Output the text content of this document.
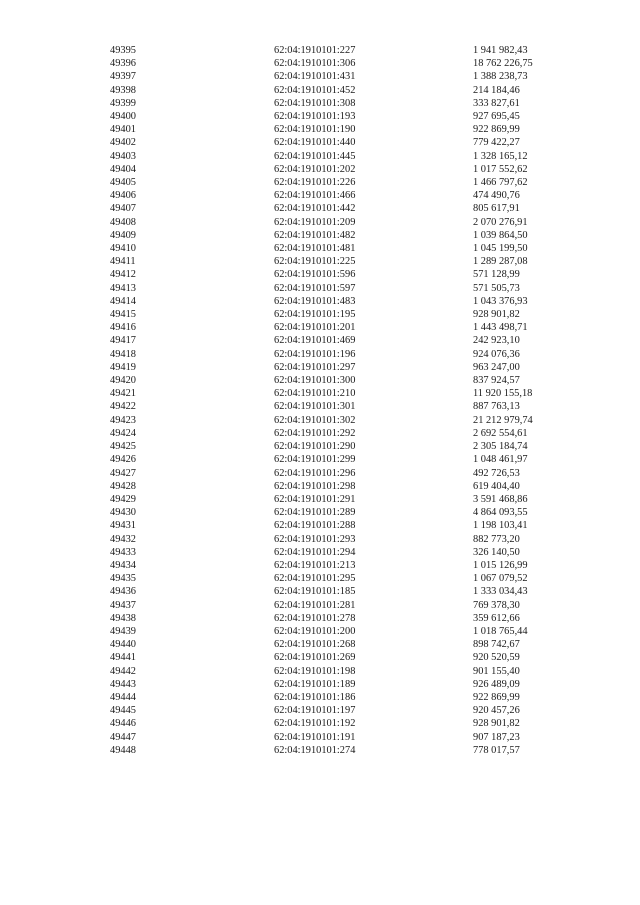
49395	62:04:1910101:227	1 941 982,43
49396	62:04:1910101:306	18 762 226,75
49397	62:04:1910101:431	1 388 238,73
49398	62:04:1910101:452	214 184,46
49399	62:04:1910101:308	333 827,61
49400	62:04:1910101:193	927 695,45
49401	62:04:1910101:190	922 869,99
49402	62:04:1910101:440	779 422,27
49403	62:04:1910101:445	1 328 165,12
49404	62:04:1910101:202	1 017 552,62
49405	62:04:1910101:226	1 466 797,62
49406	62:04:1910101:466	474 490,76
49407	62:04:1910101:442	805 617,91
49408	62:04:1910101:209	2 070 276,91
49409	62:04:1910101:482	1 039 864,50
49410	62:04:1910101:481	1 045 199,50
49411	62:04:1910101:225	1 289 287,08
49412	62:04:1910101:596	571 128,99
49413	62:04:1910101:597	571 505,73
49414	62:04:1910101:483	1 043 376,93
49415	62:04:1910101:195	928 901,82
49416	62:04:1910101:201	1 443 498,71
49417	62:04:1910101:469	242 923,10
49418	62:04:1910101:196	924 076,36
49419	62:04:1910101:297	963 247,00
49420	62:04:1910101:300	837 924,57
49421	62:04:1910101:210	11 920 155,18
49422	62:04:1910101:301	887 763,13
49423	62:04:1910101:302	21 212 979,74
49424	62:04:1910101:292	2 692 554,61
49425	62:04:1910101:290	2 305 184,74
49426	62:04:1910101:299	1 048 461,97
49427	62:04:1910101:296	492 726,53
49428	62:04:1910101:298	619 404,40
49429	62:04:1910101:291	3 591 468,86
49430	62:04:1910101:289	4 864 093,55
49431	62:04:1910101:288	1 198 103,41
49432	62:04:1910101:293	882 773,20
49433	62:04:1910101:294	326 140,50
49434	62:04:1910101:213	1 015 126,99
49435	62:04:1910101:295	1 067 079,52
49436	62:04:1910101:185	1 333 034,43
49437	62:04:1910101:281	769 378,30
49438	62:04:1910101:278	359 612,66
49439	62:04:1910101:200	1 018 765,44
49440	62:04:1910101:268	898 742,67
49441	62:04:1910101:269	920 520,59
49442	62:04:1910101:198	901 155,40
49443	62:04:1910101:189	926 489,09
49444	62:04:1910101:186	922 869,99
49445	62:04:1910101:197	920 457,26
49446	62:04:1910101:192	928 901,82
49447	62:04:1910101:191	907 187,23
49448	62:04:1910101:274	778 017,57
